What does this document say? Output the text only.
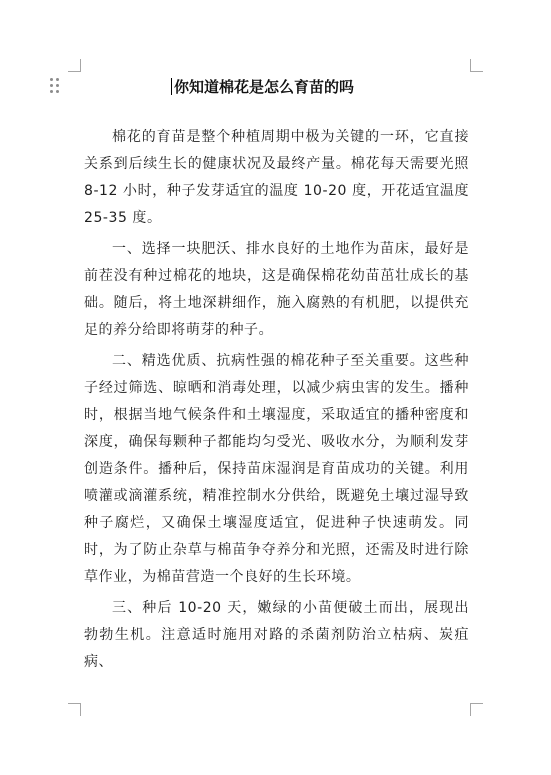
你知道棉花是怎么育苗的吗

棉花的育苗是整个种植周期中极为关键的一环，它直接关系到后续生长的健康状况及最终产量。棉花每天需要光照 8-12 小时，种子发芽适宜的温度 10-20 度，开花适宜温度 25-35 度。

一、选择一块肥沃、排水良好的土地作为苗床，最好是前茬没有种过棉花的地块，这是确保棉花幼苗茁壮成长的基础。随后，将土地深耕细作，施入腐熟的有机肥，以提供充足的养分给即将萌芽的种子。

二、精选优质、抗病性强的棉花种子至关重要。这些种子经过筛选、晾晒和消毒处理，以减少病虫害的发生。播种时，根据当地气候条件和土壤湿度，采取适宜的播种密度和深度，确保每颗种子都能均匀受光、吸收水分，为顺利发芽创造条件。播种后，保持苗床湿润是育苗成功的关键。利用喷灌或滴灌系统，精准控制水分供给，既避免土壤过湿导致种子腐烂，又确保土壤湿度适宜，促进种子快速萌发。同时，为了防止杂草与棉苗争夺养分和光照，还需及时进行除草作业，为棉苗营造一个良好的生长环境。

三、种后 10-20 天，嫩绿的小苗便破土而出，展现出勃勃生机。注意适时施用对路的杀菌剂防治立枯病、炭疽病、
